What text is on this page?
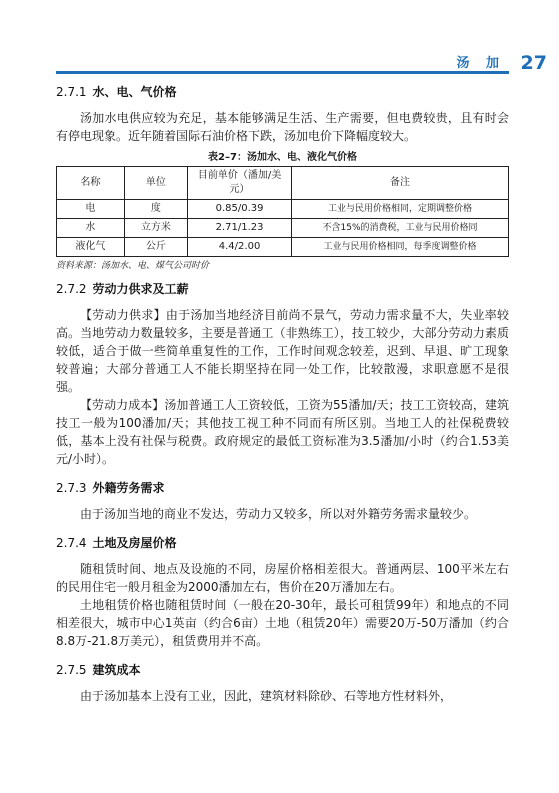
汤 加 27
2.7.1 水、电、气价格

汤加水电供应较为充足，基本能够满足生活、生产需要，但电费较贵，且有时会有停电现象。近年随着国际石油价格下跌，汤加电价下降幅度较大。

表2–7：汤加水、电、液化气价格
名称	单位	目前单价（潘加/美元）	备注
电	度	0.85/0.39	工业与民用价格相同，定期调整价格
水	立方米	2.71/1.23	不含15%的消费税，工业与民用价格同
液化气	公斤	4.4/2.00	工业与民用价格相同，每季度调整价格
资料来源：汤加水、电、煤气公司时价
2.7.2 劳动力供求及工薪

【劳动力供求】由于汤加当地经济目前尚不景气，劳动力需求量不大，失业率较高。当地劳动力数量较多，主要是普通工（非熟练工），技工较少，大部分劳动力素质较低，适合于做一些简单重复性的工作，工作时间观念较差，迟到、早退、旷工现象较普遍；大部分普通工人不能长期坚持在同一处工作，比较散漫，求职意愿不是很强。

【劳动力成本】汤加普通工人工资较低，工资为55潘加/天；技工工资较高，建筑技工一般为100潘加/天；其他技工视工种不同而有所区别。当地工人的社保税费较低，基本上没有社保与税费。政府规定的最低工资标准为3.5潘加/小时（约合1.53美元/小时）。

2.7.3 外籍劳务需求

由于汤加当地的商业不发达，劳动力又较多，所以对外籍劳务需求量较少。

2.7.4 土地及房屋价格

随租赁时间、地点及设施的不同，房屋价格相差很大。普通两层、100平米左右的民用住宅一般月租金为2000潘加左右，售价在20万潘加左右。

土地租赁价格也随租赁时间（一般在20-30年，最长可租赁99年）和地点的不同相差很大，城市中心1英亩（约合6亩）土地（租赁20年）需要20万-50万潘加（约合8.8万-21.8万美元），租赁费用并不高。

2.7.5 建筑成本

由于汤加基本上没有工业，因此，建筑材料除砂、石等地方性材料外，
